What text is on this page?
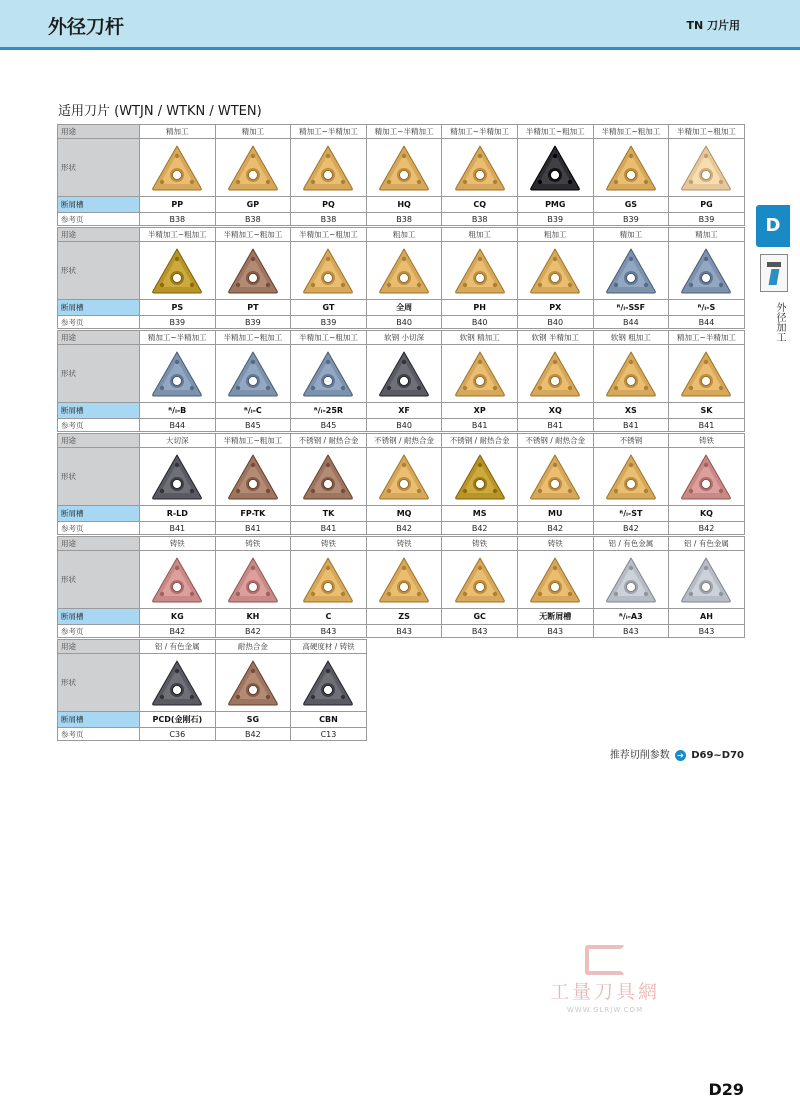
外径刀杆	TN 刀片用
适用刀片 (WTJN / WTKN / WTEN)
D
外径加工
用途	精加工	精加工	精加工~半精加工	精加工~半精加工	精加工~半精加工	半精加工~粗加工	半精加工~粗加工	半精加工~粗加工
形状	

断屑槽	PP	GP	PQ	HQ	CQ	PMG	GS	PG
参考页	B38	B38	B38	B38	B38	B39	B39	B39
用途	半精加工~粗加工	半精加工~粗加工	半精加工~粗加工	粗加工	粗加工	粗加工	精加工	精加工
形状	

断屑槽	PS	PT	GT	全周	PH	PX	ᴿ/ₗ-SSF	ᴿ/ₗ-S
参考页	B39	B39	B39	B40	B40	B40	B44	B44
用途	精加工~半精加工	半精加工~粗加工	半精加工~粗加工	软钢 小切深	软钢 精加工	软钢 半精加工	软钢 粗加工	精加工~半精加工
形状	

断屑槽	ᴿ/ₗ-B	ᴿ/ₗ-C	ᴿ/ₗ-25R	XF	XP	XQ	XS	SK
参考页	B44	B45	B45	B40	B41	B41	B41	B41
用途	大切深	半精加工~粗加工	不锈钢 / 耐热合金	不锈钢 / 耐热合金	不锈钢 / 耐热合金	不锈钢 / 耐热合金	不锈钢	铸铁
形状	

断屑槽	R-LD	FP-TK	TK	MQ	MS	MU	ᴿ/ₗ-ST	KQ
参考页	B41	B41	B41	B42	B42	B42	B42	B42
用途	铸铁	铸铁	铸铁	铸铁	铸铁	铸铁	铝 / 有色金属	铝 / 有色金属
形状	

断屑槽	KG	KH	C	ZS	GC	无断屑槽	ᴿ/ₗ-A3	AH
参考页	B42	B42	B43	B43	B43	B43	B43	B43
用途	铝 / 有色金属	耐热合金	高硬度材 / 铸铁
形状	

断屑槽	PCD(金刚石)	SG	CBN
参考页	C36	B42	C13
推荐切削参数 ➔ D69~D70
工量刀具網
WWW.GLRJW.COM
D29
